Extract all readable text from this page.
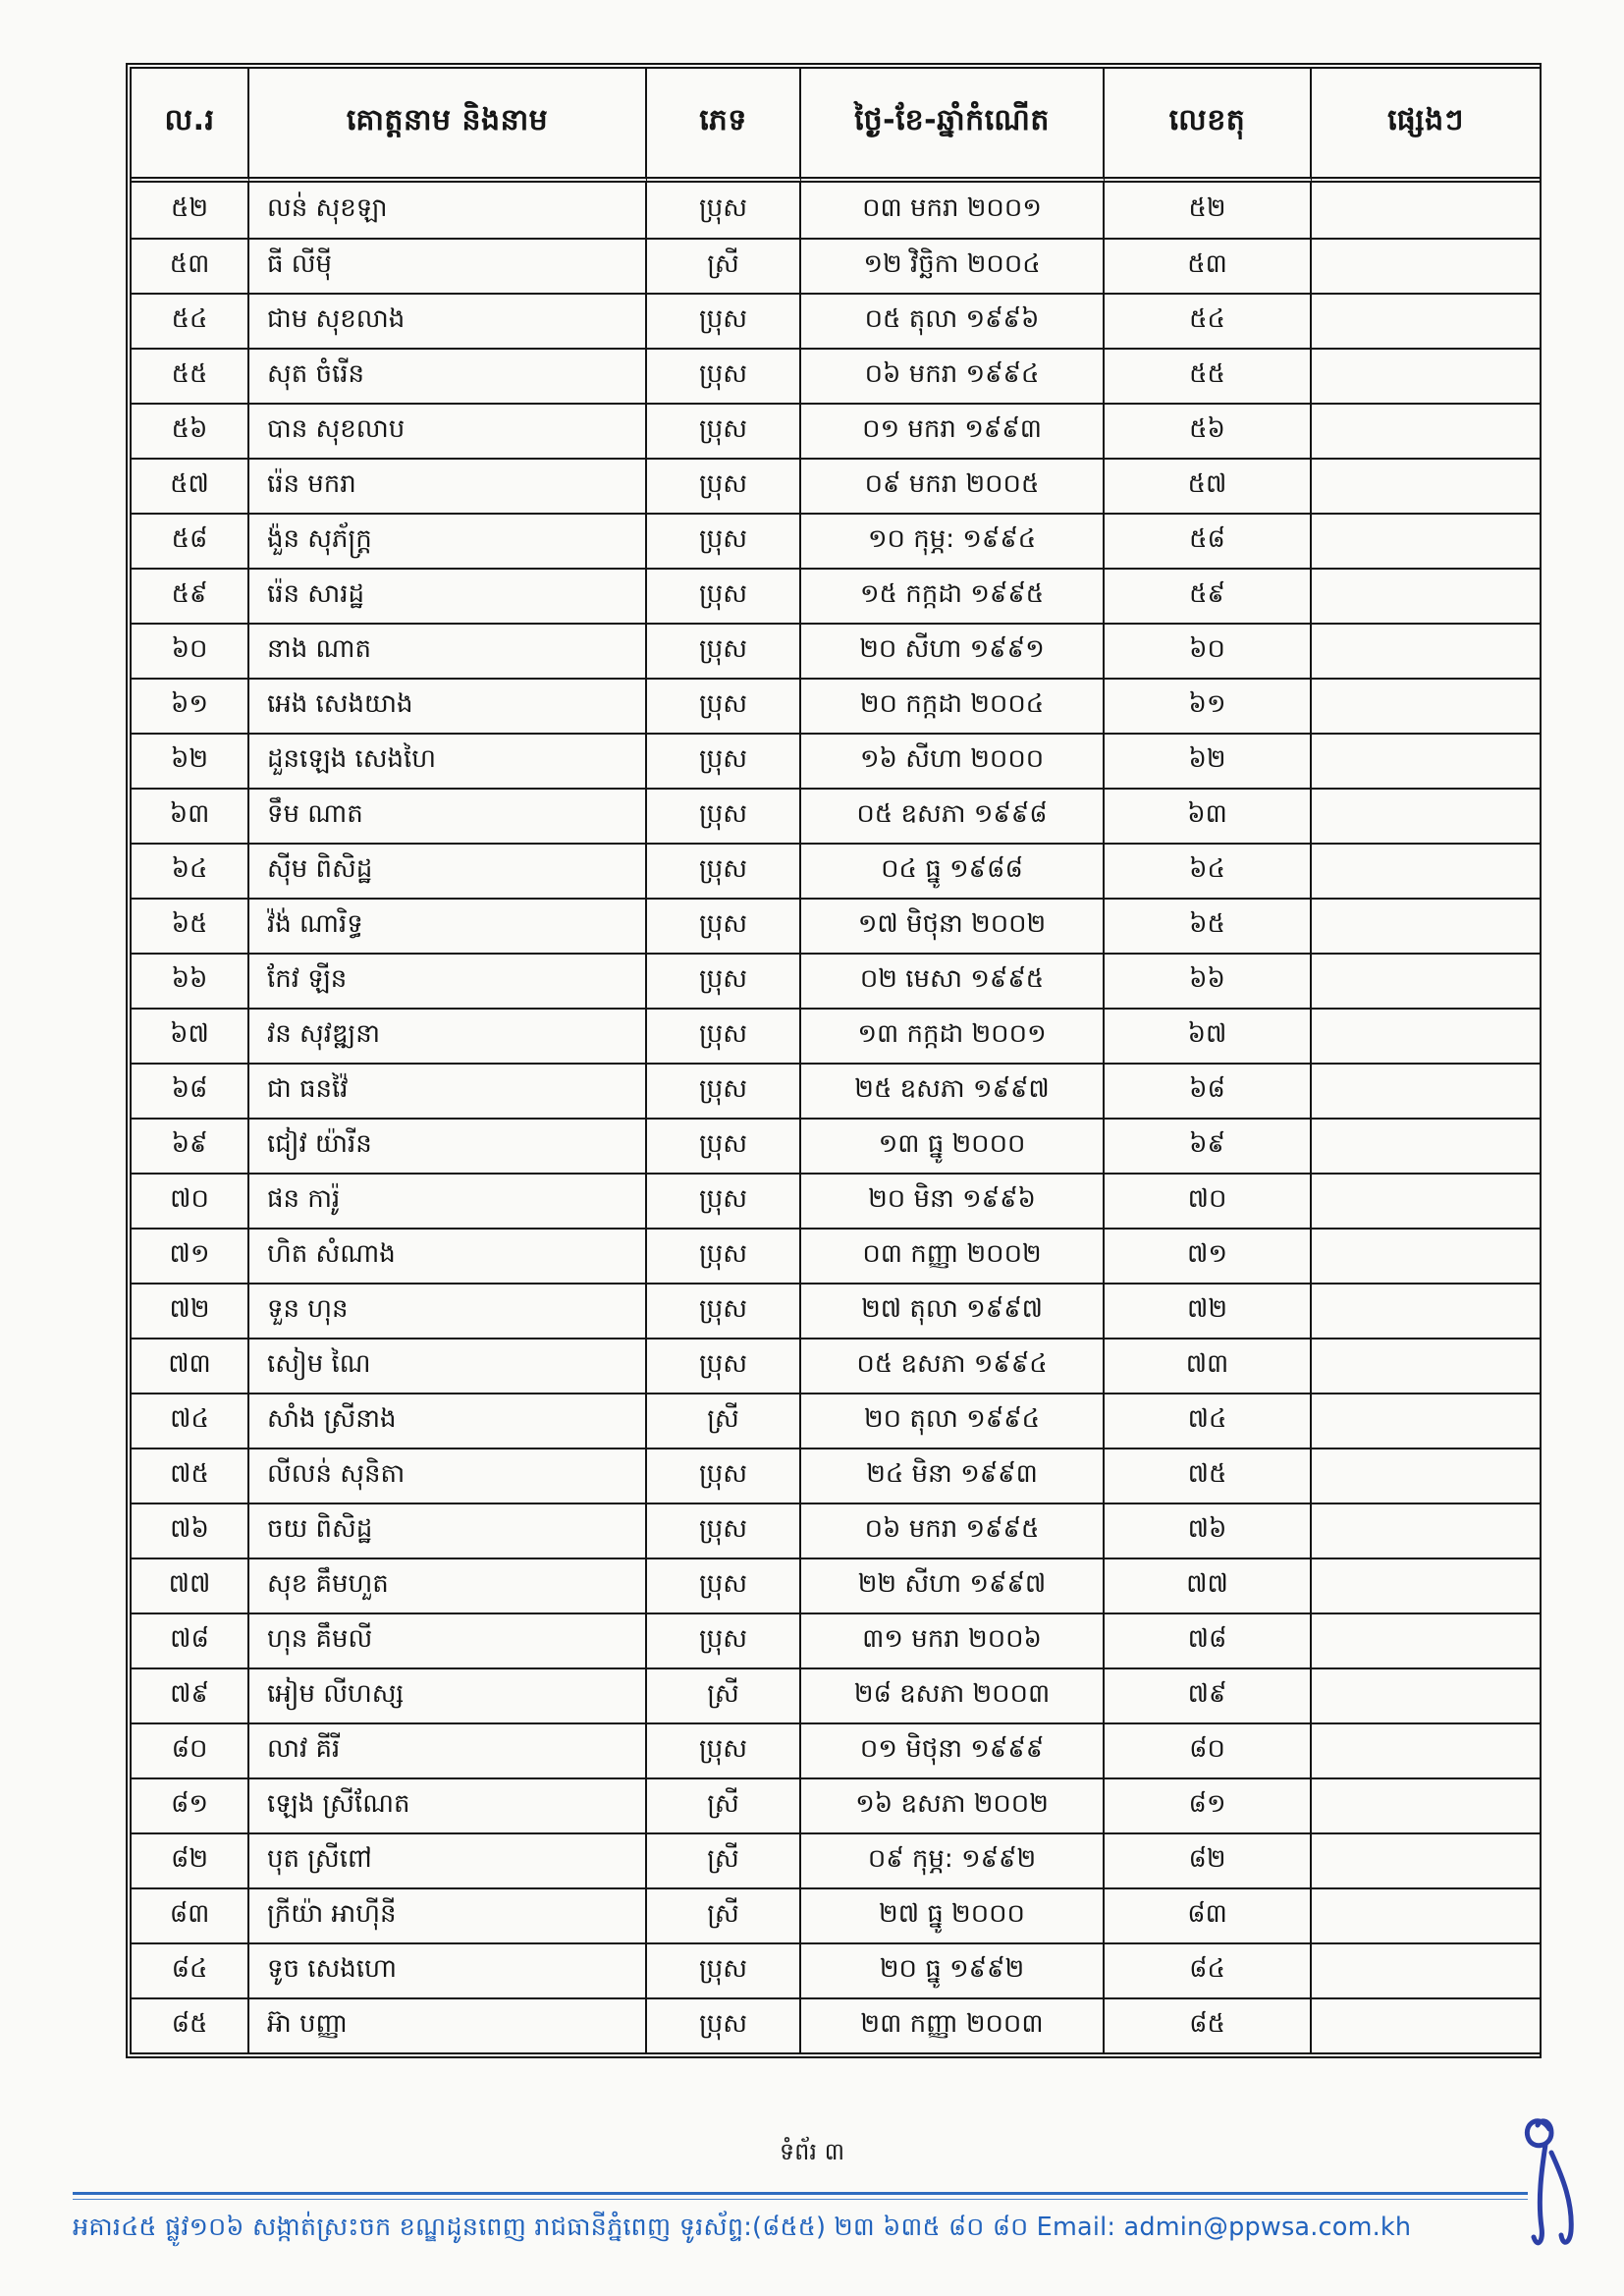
ល.រ	គោត្តនាម និងនាម	ភេទ	ថ្ងៃ-ខែ-ឆ្នាំកំណើត	លេខតុ	ផ្សេងៗ
៥២	លន់ សុខឡា	ប្រុស	០៣ មករា ២០០១	៥២	
៥៣	ធី លីម៉ី	ស្រី	១២ វិច្ឆិកា ២០០៤	៥៣	
៥៤	ជាម សុខលាង	ប្រុស	០៥ តុលា ១៩៩៦	៥៤	
៥៥	សុត ចំរើន	ប្រុស	០៦ មករា ១៩៩៤	៥៥	
៥៦	បាន សុខលាប	ប្រុស	០១ មករា ១៩៩៣	៥៦	
៥៧	រ៉េន មករា	ប្រុស	០៩ មករា ២០០៥	៥៧	
៥៨	ង៉ួន សុភ័ក្រ្ត	ប្រុស	១០ កុម្ភ: ១៩៩៤	៥៨	
៥៩	រ៉េន សារដ្ឋ	ប្រុស	១៥ កក្កដា ១៩៩៥	៥៩	
៦០	នាង ណាត	ប្រុស	២០ សីហា ១៩៩១	៦០	
៦១	អេង សេងយាង	ប្រុស	២០ កក្កដា ២០០៤	៦១	
៦២	ដួនឡេង សេងហៃ	ប្រុស	១៦ សីហា ២០០០	៦២	
៦៣	ទឹម ណាត	ប្រុស	០៥ ឧសភា ១៩៩៨	៦៣	
៦៤	ស៊ីម ពិសិដ្ឋ	ប្រុស	០៤ ធ្នូ ១៩៨៨	៦៤	
៦៥	វ៉ង់ ណារិទ្ធ	ប្រុស	១៧ មិថុនា ២០០២	៦៥	
៦៦	កែវ ឡីន	ប្រុស	០២ មេសា ១៩៩៥	៦៦	
៦៧	វន សុវឌ្ឍនា	ប្រុស	១៣ កក្កដា ២០០១	៦៧	
៦៨	ជា ធនវ៉ៃ	ប្រុស	២៥ ឧសភា ១៩៩៧	៦៨	
៦៩	ជៀវ យ៉ារីន	ប្រុស	១៣ ធ្នូ ២០០០	៦៩	
៧០	ផន ការ៉ូ	ប្រុស	២០ មិនា ១៩៩៦	៧០	
៧១	ហិត សំណាង	ប្រុស	០៣ កញ្ញា ២០០២	៧១	
៧២	ទួន ហុន	ប្រុស	២៧ តុលា ១៩៩៧	៧២	
៧៣	សៀម ណៃ	ប្រុស	០៥ ឧសភា ១៩៩៤	៧៣	
៧៤	សាំង ស្រីនាង	ស្រី	២០ តុលា ១៩៩៤	៧៤	
៧៥	លីលន់ សុនិតា	ប្រុស	២៤ មិនា ១៩៩៣	៧៥	
៧៦	ចយ ពិសិដ្ឋ	ប្រុស	០៦ មករា ១៩៩៥	៧៦	
៧៧	សុខ គឹមហួត	ប្រុស	២២ សីហា ១៩៩៧	៧៧	
៧៨	ហុន គឹមលី	ប្រុស	៣១ មករា ២០០៦	៧៨	
៧៩	អៀម លីហស្ស	ស្រី	២៨ ឧសភា ២០០៣	៧៩	
៨០	លាវ គីរី	ប្រុស	០១ មិថុនា ១៩៩៩	៨០	
៨១	ឡេង ស្រីណែត	ស្រី	១៦ ឧសភា ២០០២	៨១	
៨២	បុត ស្រីពៅ	ស្រី	០៩ កុម្ភ: ១៩៩២	៨២	
៨៣	ក្រីយ៉ា អាហ៊ីនី	ស្រី	២៧ ធ្នូ ២០០០	៨៣	
៨៤	ទូច សេងហោ	ប្រុស	២០ ធ្នូ ១៩៩២	៨៤	
៨៥	អ៊ា បញ្ញា	ប្រុស	២៣ កញ្ញា ២០០៣	៨៥	
ទំព័រ ៣
អគារ៤៥ ផ្លូវ១០៦ សង្កាត់ស្រះចក ខណ្ឌដូនពេញ រាជធានីភ្នំពេញ ទូរស័ព្ទ:(៨៥៥) ២៣ ៦៣៥ ៨០ ៨០ Email: admin@ppwsa.com.kh
